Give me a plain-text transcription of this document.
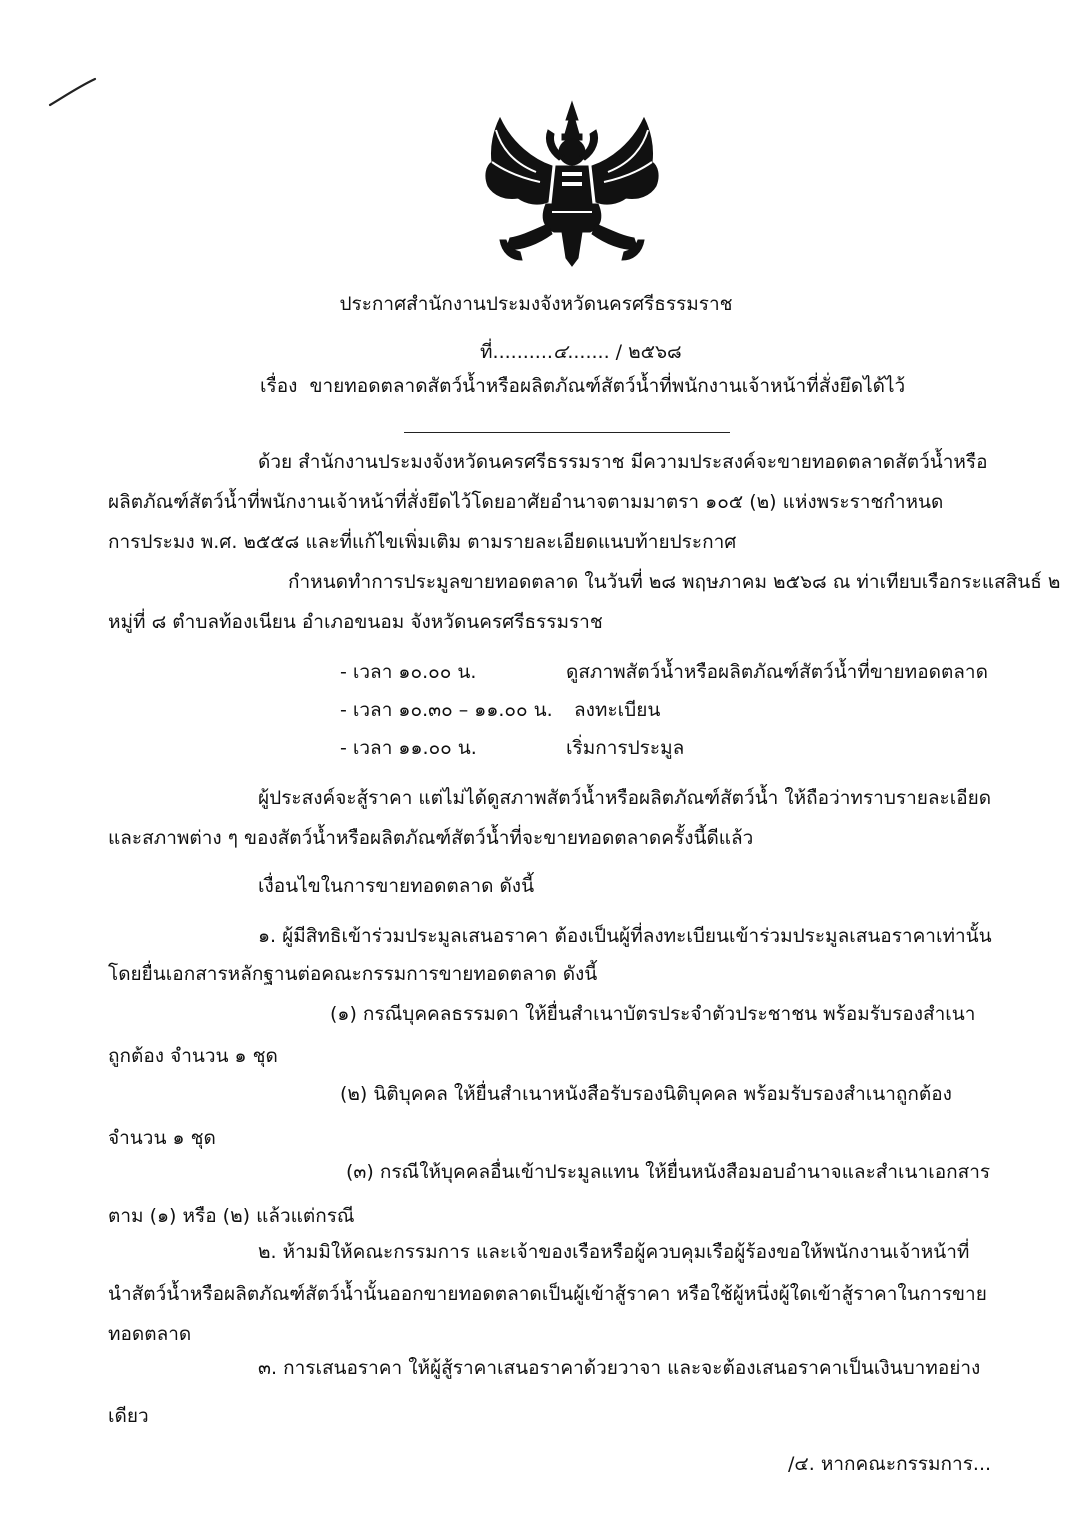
ประกาศสำนักงานประมงจังหวัดนครศรีธรรมราช
ที่..........๔....... / ๒๕๖๘
เรื่อง ขายทอดตลาดสัตว์น้ำหรือผลิตภัณฑ์สัตว์น้ำที่พนักงานเจ้าหน้าที่สั่งยึดได้ไว้
ด้วย สำนักงานประมงจังหวัดนครศรีธรรมราช มีความประสงค์จะขายทอดตลาดสัตว์น้ำหรือ
ผลิตภัณฑ์สัตว์น้ำที่พนักงานเจ้าหน้าที่สั่งยึดไว้โดยอาศัยอำนาจตามมาตรา ๑๐๕ (๒) แห่งพระราชกำหนด
การประมง พ.ศ. ๒๕๕๘ และที่แก้ไขเพิ่มเติม ตามรายละเอียดแนบท้ายประกาศ
กำหนดทำการประมูลขายทอดตลาด ในวันที่ ๒๘ พฤษภาคม ๒๕๖๘ ณ ท่าเทียบเรือกระแสสินธ์ ๒
หมู่ที่ ๘ ตำบลท้องเนียน อำเภอขนอม จังหวัดนครศรีธรรมราช
- เวลา ๑๐.๐๐ น.	ดูสภาพสัตว์น้ำหรือผลิตภัณฑ์สัตว์น้ำที่ขายทอดตลาด
- เวลา ๑๐.๓๐ – ๑๑.๐๐ น. ลงทะเบียน
- เวลา ๑๑.๐๐ น.	เริ่มการประมูล
ผู้ประสงค์จะสู้ราคา แต่ไม่ได้ดูสภาพสัตว์น้ำหรือผลิตภัณฑ์สัตว์น้ำ ให้ถือว่าทราบรายละเอียด
และสภาพต่าง ๆ ของสัตว์น้ำหรือผลิตภัณฑ์สัตว์น้ำที่จะขายทอดตลาดครั้งนี้ดีแล้ว
เงื่อนไขในการขายทอดตลาด ดังนี้
๑. ผู้มีสิทธิเข้าร่วมประมูลเสนอราคา ต้องเป็นผู้ที่ลงทะเบียนเข้าร่วมประมูลเสนอราคาเท่านั้น
โดยยื่นเอกสารหลักฐานต่อคณะกรรมการขายทอดตลาด ดังนี้
(๑) กรณีบุคคลธรรมดา ให้ยื่นสำเนาบัตรประจำตัวประชาชน พร้อมรับรองสำเนา
ถูกต้อง จำนวน ๑ ชุด
(๒) นิติบุคคล ให้ยื่นสำเนาหนังสือรับรองนิติบุคคล พร้อมรับรองสำเนาถูกต้อง
จำนวน ๑ ชุด
(๓) กรณีให้บุคคลอื่นเข้าประมูลแทน ให้ยื่นหนังสือมอบอำนาจและสำเนาเอกสาร
ตาม (๑) หรือ (๒) แล้วแต่กรณี
๒. ห้ามมิให้คณะกรรมการ และเจ้าของเรือหรือผู้ควบคุมเรือผู้ร้องขอให้พนักงานเจ้าหน้าที่
นำสัตว์น้ำหรือผลิตภัณฑ์สัตว์น้ำนั้นออกขายทอดตลาดเป็นผู้เข้าสู้ราคา หรือใช้ผู้หนึ่งผู้ใดเข้าสู้ราคาในการขาย
ทอดตลาด
๓. การเสนอราคา ให้ผู้สู้ราคาเสนอราคาด้วยวาจา และจะต้องเสนอราคาเป็นเงินบาทอย่าง
เดียว
/๔. หากคณะกรรมการ...
